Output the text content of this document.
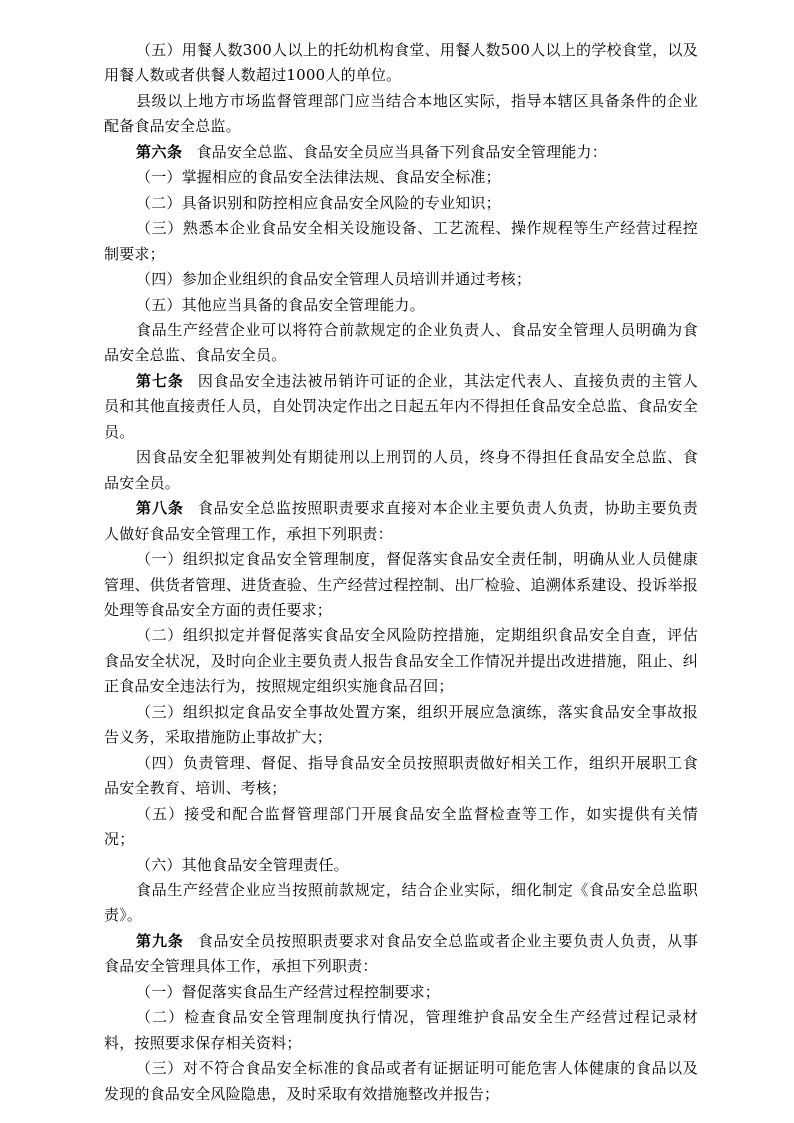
（五）用餐人数300人以上的托幼机构食堂、用餐人数500人以上的学校食堂，以及用餐人数或者供餐人数超过1000人的单位。

县级以上地方市场监督管理部门应当结合本地区实际，指导本辖区具备条件的企业配备食品安全总监。

第六条 食品安全总监、食品安全员应当具备下列食品安全管理能力：

（一）掌握相应的食品安全法律法规、食品安全标准；

（二）具备识别和防控相应食品安全风险的专业知识；

（三）熟悉本企业食品安全相关设施设备、工艺流程、操作规程等生产经营过程控制要求；

（四）参加企业组织的食品安全管理人员培训并通过考核；

（五）其他应当具备的食品安全管理能力。

食品生产经营企业可以将符合前款规定的企业负责人、食品安全管理人员明确为食品安全总监、食品安全员。

第七条 因食品安全违法被吊销许可证的企业，其法定代表人、直接负责的主管人员和其他直接责任人员，自处罚决定作出之日起五年内不得担任食品安全总监、食品安全员。

因食品安全犯罪被判处有期徒刑以上刑罚的人员，终身不得担任食品安全总监、食品安全员。

第八条 食品安全总监按照职责要求直接对本企业主要负责人负责，协助主要负责人做好食品安全管理工作，承担下列职责：

（一）组织拟定食品安全管理制度，督促落实食品安全责任制，明确从业人员健康管理、供货者管理、进货查验、生产经营过程控制、出厂检验、追溯体系建设、投诉举报处理等食品安全方面的责任要求；

（二）组织拟定并督促落实食品安全风险防控措施，定期组织食品安全自查，评估食品安全状况，及时向企业主要负责人报告食品安全工作情况并提出改进措施，阻止、纠正食品安全违法行为，按照规定组织实施食品召回；

（三）组织拟定食品安全事故处置方案，组织开展应急演练，落实食品安全事故报告义务，采取措施防止事故扩大；

（四）负责管理、督促、指导食品安全员按照职责做好相关工作，组织开展职工食品安全教育、培训、考核；

（五）接受和配合监督管理部门开展食品安全监督检查等工作，如实提供有关情况；

（六）其他食品安全管理责任。

食品生产经营企业应当按照前款规定，结合企业实际，细化制定《食品安全总监职责》。

第九条 食品安全员按照职责要求对食品安全总监或者企业主要负责人负责，从事食品安全管理具体工作，承担下列职责：

（一）督促落实食品生产经营过程控制要求；

（二）检查食品安全管理制度执行情况，管理维护食品安全生产经营过程记录材料，按照要求保存相关资料；

（三）对不符合食品安全标准的食品或者有证据证明可能危害人体健康的食品以及发现的食品安全风险隐患，及时采取有效措施整改并报告；
